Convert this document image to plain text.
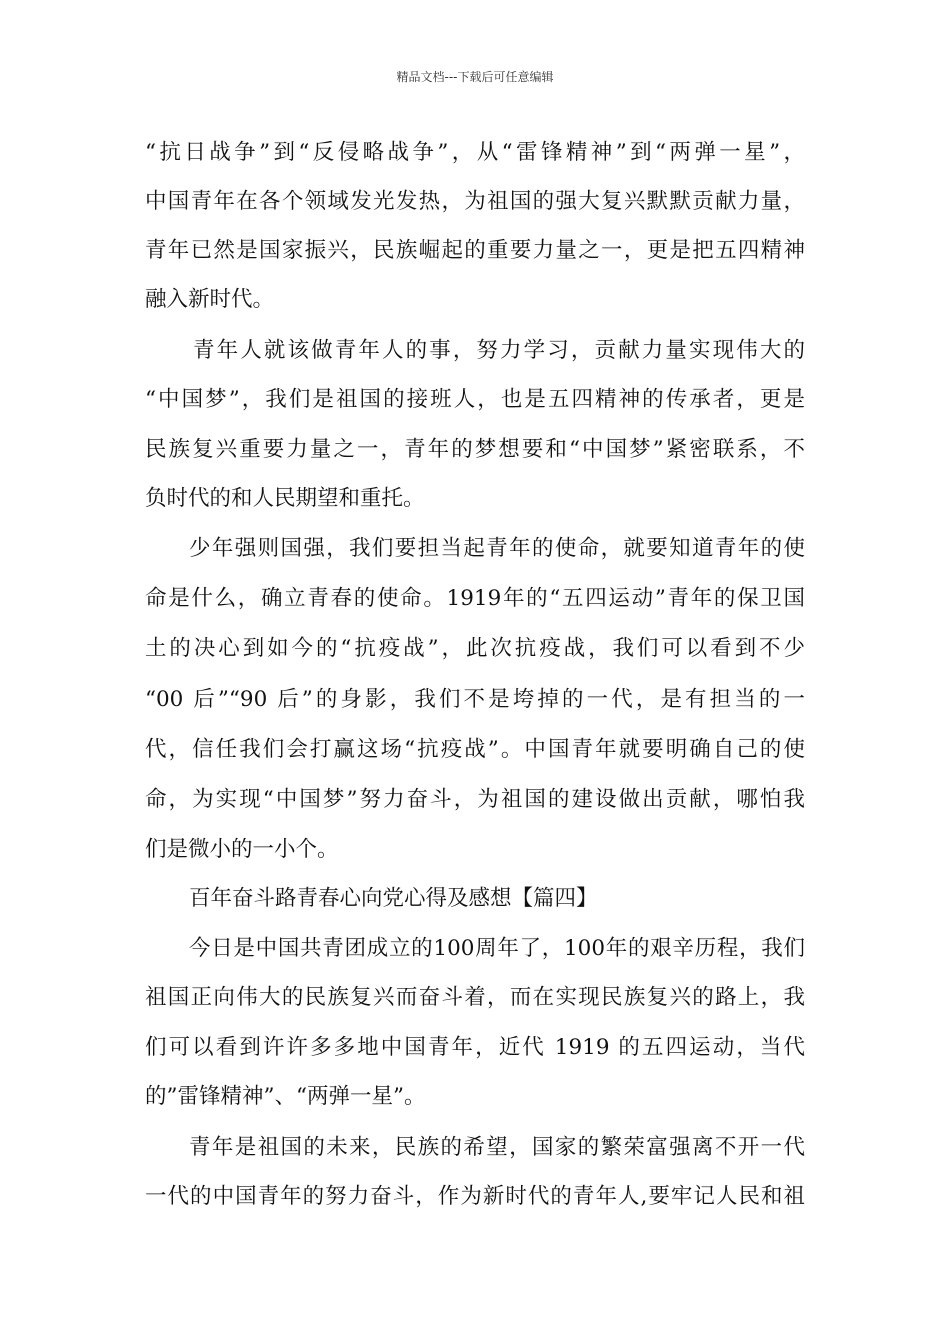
精品文档---下载后可任意编辑
“抗日战争”到“反侵略战争”，从“雷锋精神”到“两弹一星”，
中国青年在各个领域发光发热，为祖国的强大复兴默默贡献力量，
青年已然是国家振兴，民族崛起的重要力量之一，更是把五四精神
融入新时代。
青年人就该做青年人的事，努力学习，贡献力量实现伟大的
“中国梦”，我们是祖国的接班人，也是五四精神的传承者，更是
民族复兴重要力量之一，青年的梦想要和“中国梦”紧密联系，不
负时代的和人民期望和重托。
少年强则国强，我们要担当起青年的使命，就要知道青年的使
命是什么，确立青春的使命。1919年的“五四运动”青年的保卫国
土的决心到如今的“抗疫战”，此次抗疫战，我们可以看到不少
“00 后”“90 后”的身影，我们不是垮掉的一代，是有担当的一
代，信任我们会打赢这场“抗疫战”。中国青年就要明确自己的使
命，为实现“中国梦”努力奋斗，为祖国的建设做出贡献，哪怕我
们是微小的一小个。
百年奋斗路青春心向党心得及感想【篇四】
今日是中国共青团成立的100周年了，100年的艰辛历程，我们
祖国正向伟大的民族复兴而奋斗着，而在实现民族复兴的路上，我
们可以看到许许多多地中国青年，近代 1919 的五四运动，当代
的”雷锋精神”、“两弹一星”。
青年是祖国的未来，民族的希望，国家的繁荣富强离不开一代
一代的中国青年的努力奋斗，作为新时代的青年人,要牢记人民和祖
